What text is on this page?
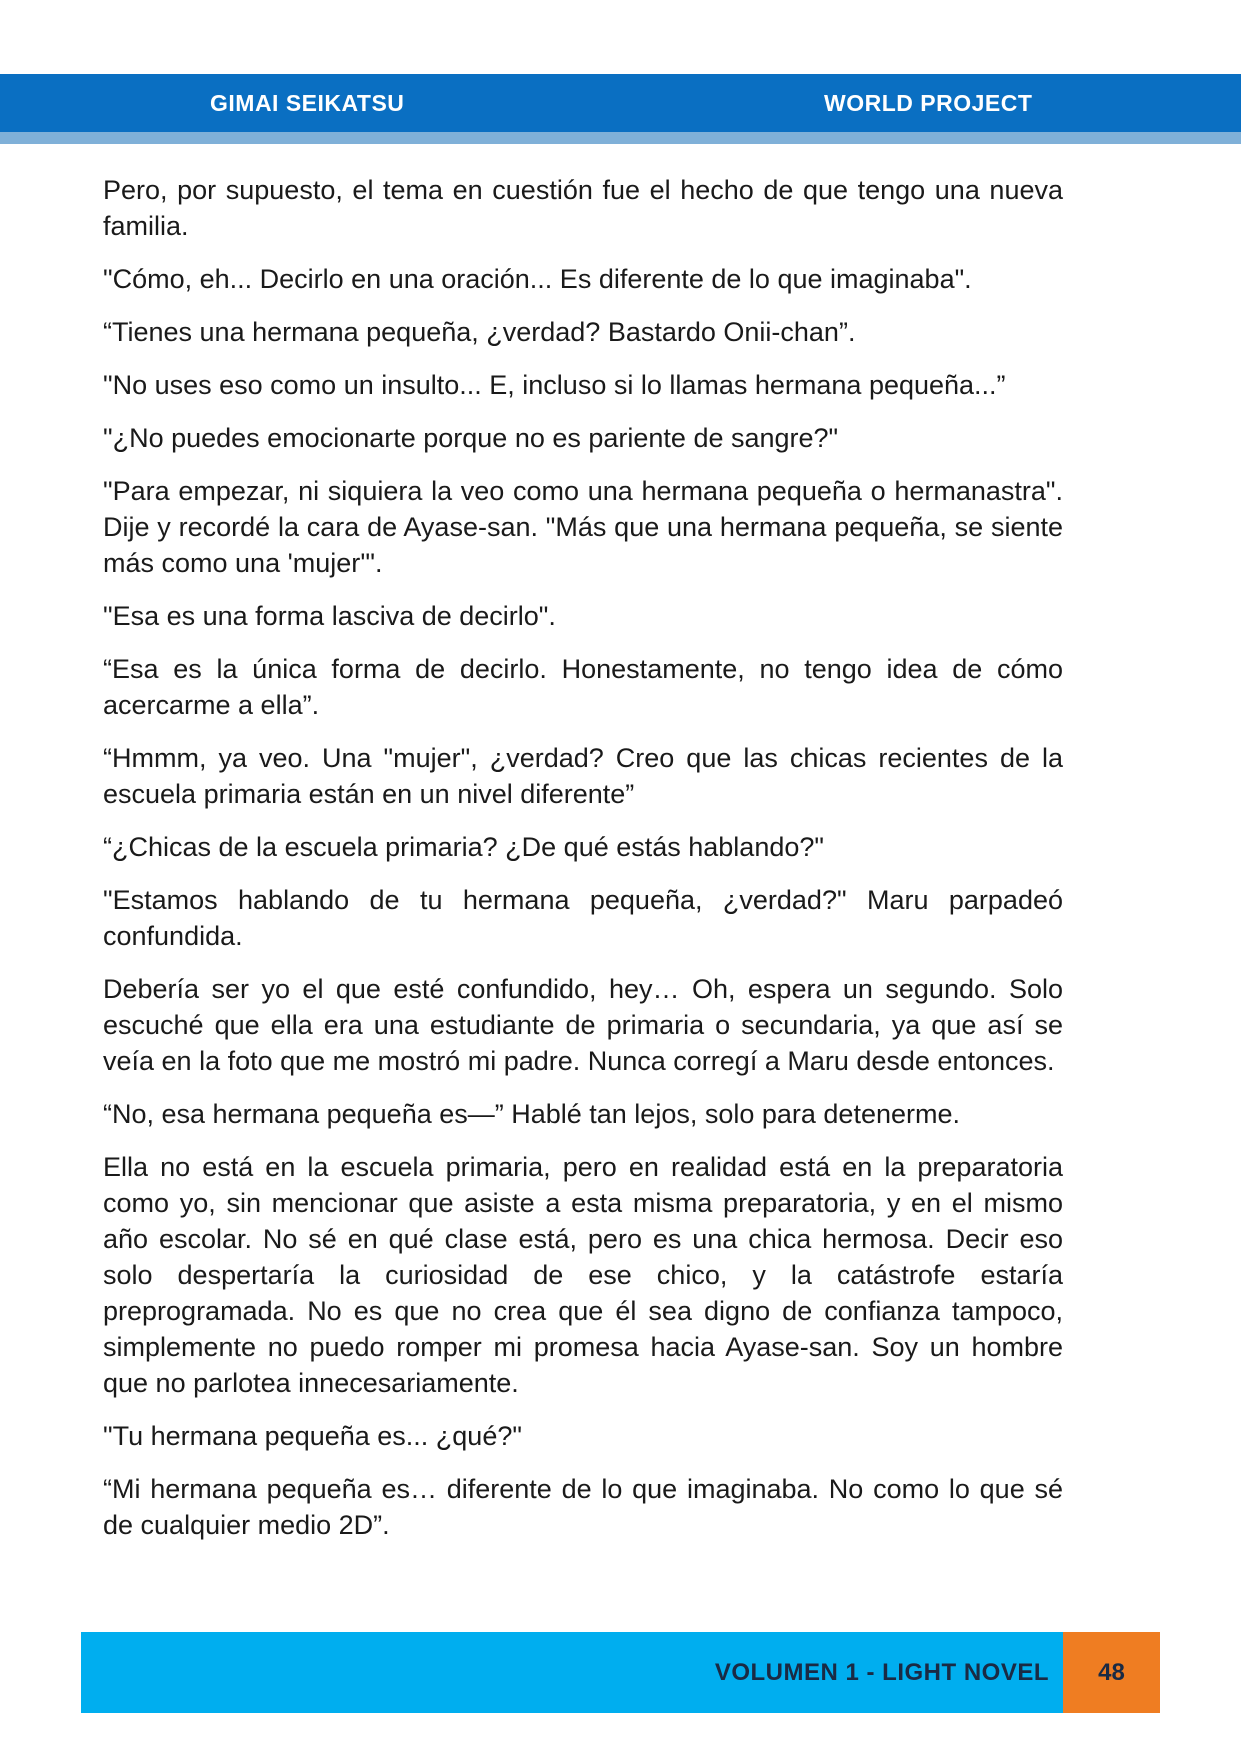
GIMAI SEIKATSU	WORLD PROJECT

Pero, por supuesto, el tema en cuestión fue el hecho de que tengo una nueva familia.

"Cómo, eh... Decirlo en una oración... Es diferente de lo que imaginaba".

“Tienes una hermana pequeña, ¿verdad? Bastardo Onii-chan”.

"No uses eso como un insulto... E, incluso si lo llamas hermana pequeña...”

"¿No puedes emocionarte porque no es pariente de sangre?"

"Para empezar, ni siquiera la veo como una hermana pequeña o hermanastra". Dije y recordé la cara de Ayase-san. "Más que una hermana pequeña, se siente más como una 'mujer'".

"Esa es una forma lasciva de decirlo".

“Esa es la única forma de decirlo. Honestamente, no tengo idea de cómo acercarme a ella”.

“Hmmm, ya veo. Una "mujer", ¿verdad? Creo que las chicas recientes de la escuela primaria están en un nivel diferente”

“¿Chicas de la escuela primaria? ¿De qué estás hablando?"

"Estamos hablando de tu hermana pequeña, ¿verdad?" Maru parpadeó confundida.

Debería ser yo el que esté confundido, hey… Oh, espera un segundo. Solo escuché que ella era una estudiante de primaria o secundaria, ya que así se veía en la foto que me mostró mi padre. Nunca corregí a Maru desde entonces.

“No, esa hermana pequeña es—” Hablé tan lejos, solo para detenerme.

Ella no está en la escuela primaria, pero en realidad está en la preparatoria como yo, sin mencionar que asiste a esta misma preparatoria, y en el mismo año escolar. No sé en qué clase está, pero es una chica hermosa. Decir eso solo despertaría la curiosidad de ese chico, y la catástrofe estaría preprogramada. No es que no crea que él sea digno de confianza tampoco, simplemente no puedo romper mi promesa hacia Ayase-san. Soy un hombre que no parlotea innecesariamente.

"Tu hermana pequeña es... ¿qué?"

“Mi hermana pequeña es… diferente de lo que imaginaba. No como lo que sé de cualquier medio 2D”.

VOLUMEN 1 - LIGHT NOVEL	48
